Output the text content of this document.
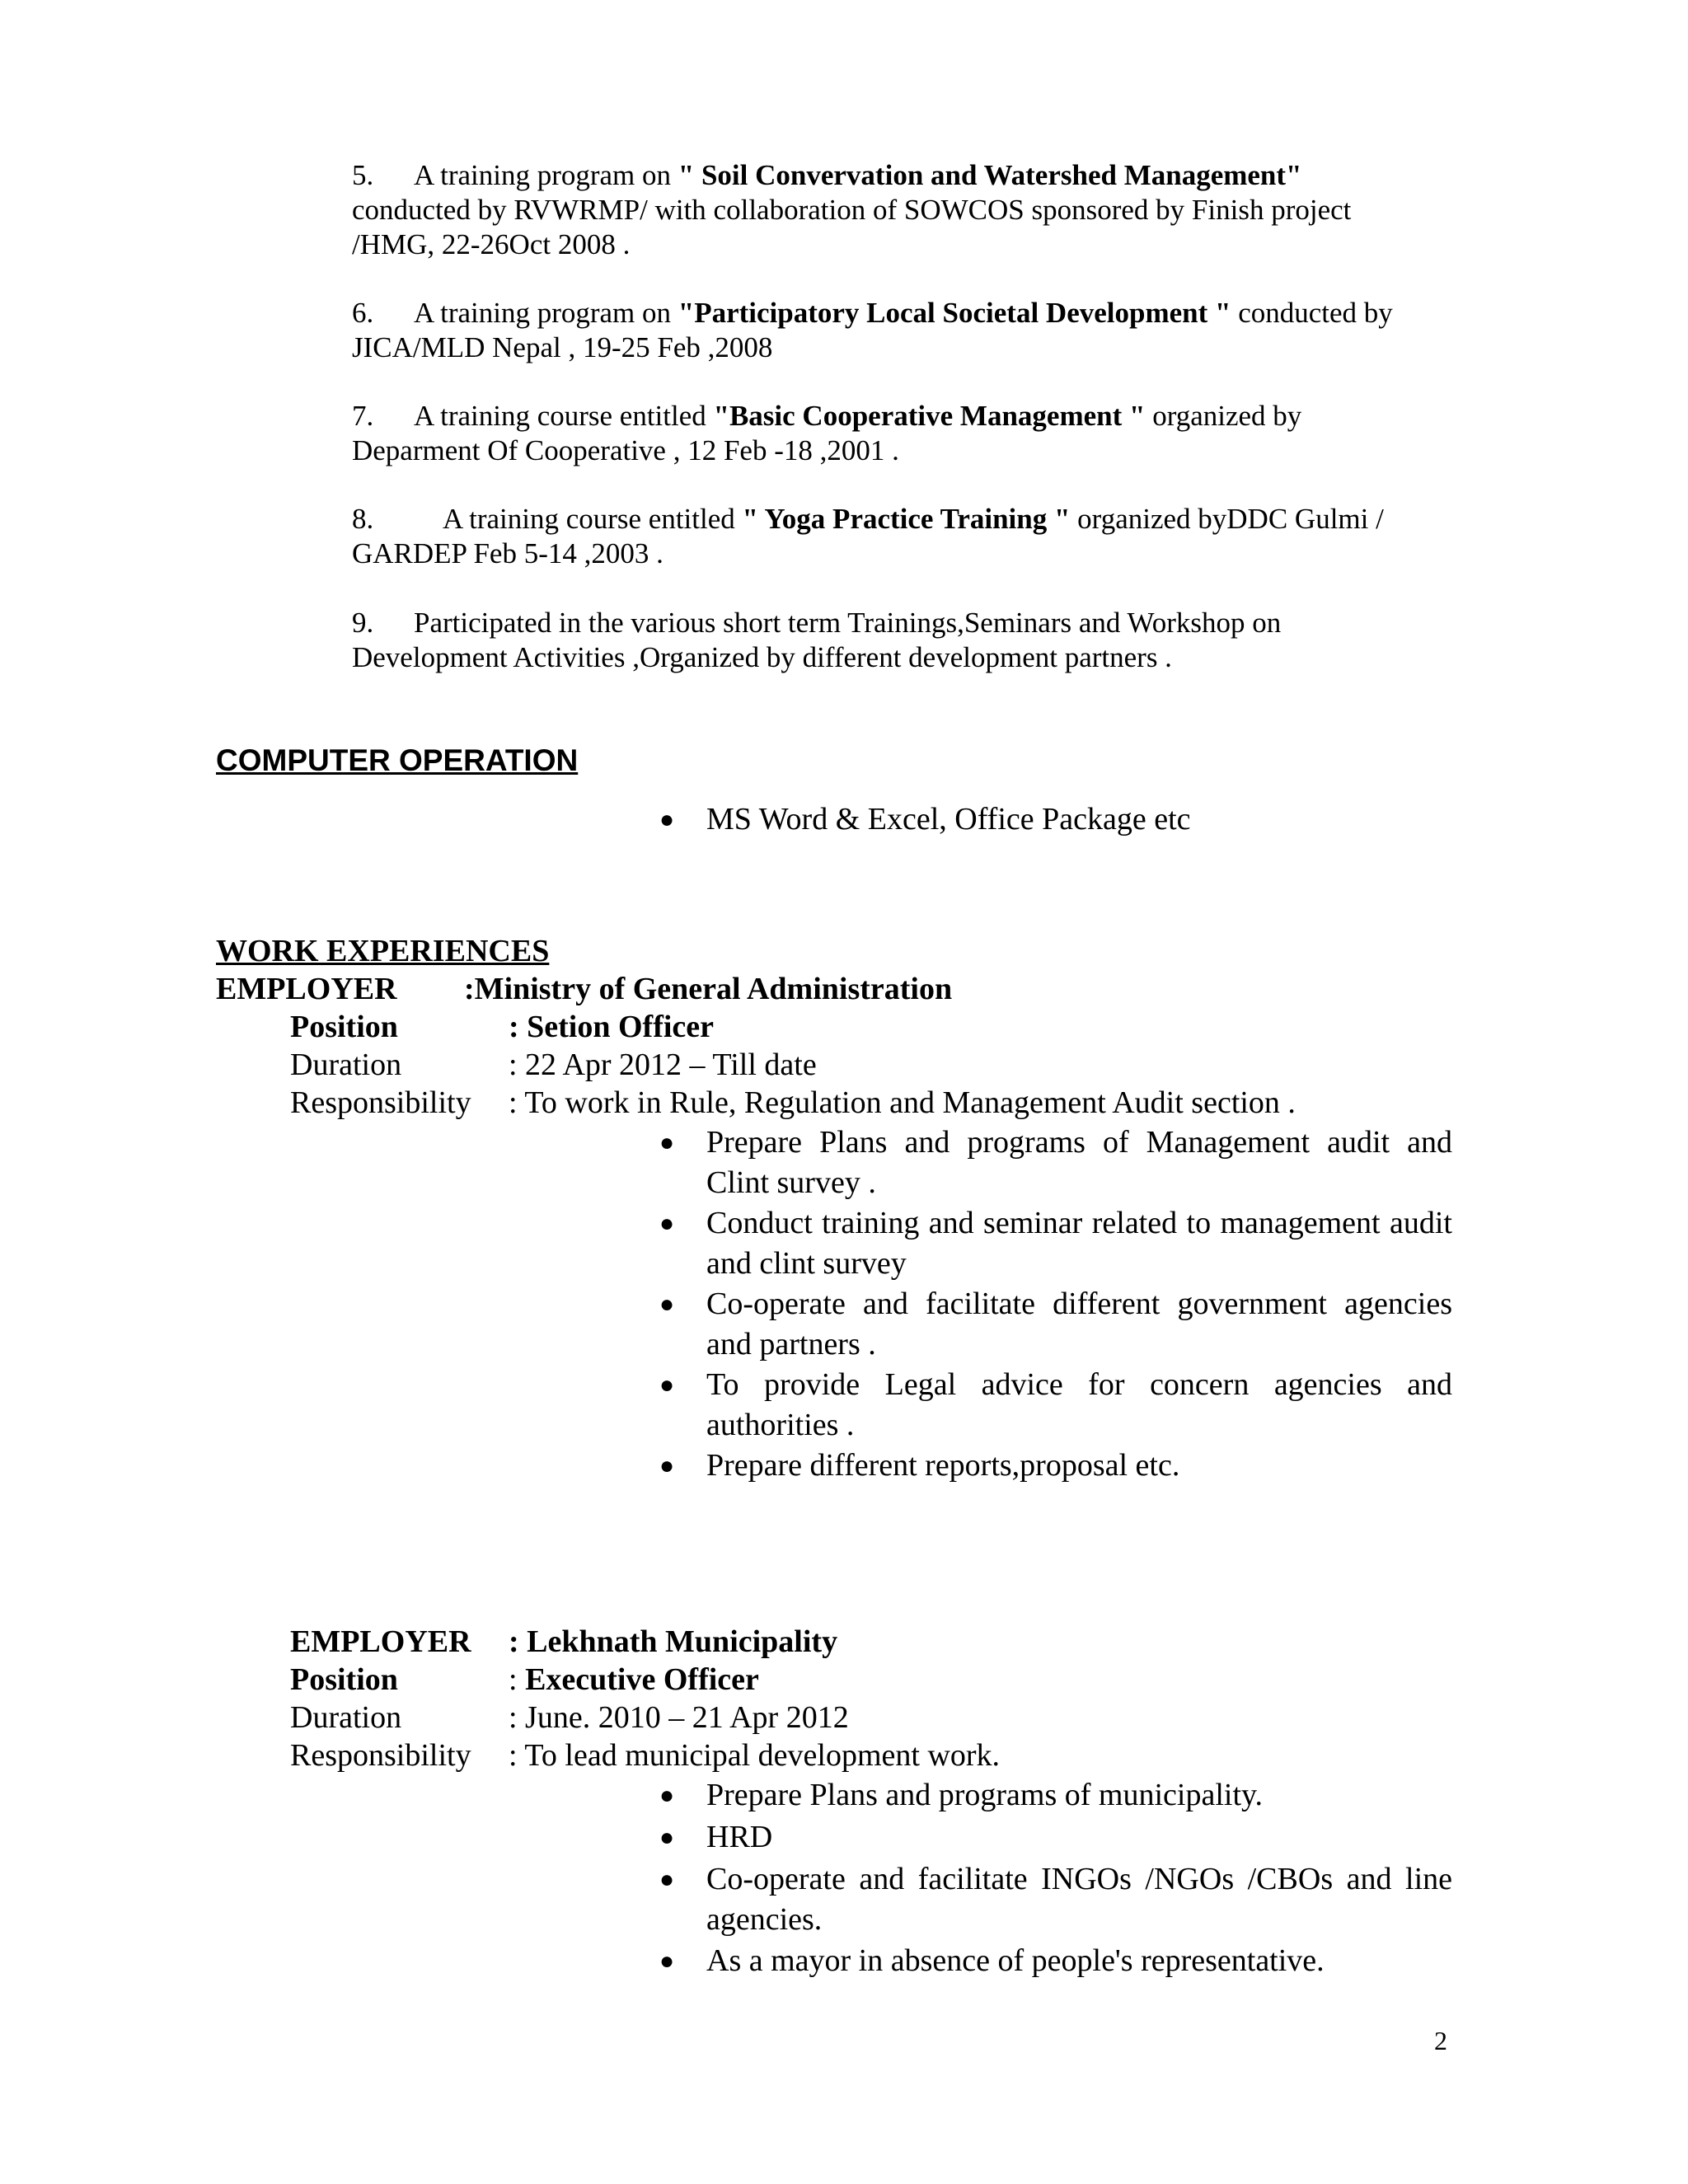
5. A training program on " Soil Convervation and Watershed Management"
conducted by RVWRMP/ with collaboration of SOWCOS sponsored by Finish project
/HMG, 22-26Oct 2008 .
6. A training program on "Participatory Local Societal Development " conducted by
JICA/MLD Nepal , 19-25 Feb ,2008
7. A training course entitled "Basic Cooperative Management " organized by
Deparment Of Cooperative , 12 Feb -18 ,2001 .
8. A training course entitled " Yoga Practice Training " organized byDDC Gulmi /
GARDEP Feb 5-14 ,2003 .
9. Participated in the various short term Trainings,Seminars and Workshop on
Development Activities ,Organized by different development partners .
COMPUTER OPERATION
● MS Word & Excel, Office Package etc
WORK EXPERIENCES
EMPLOYER :Ministry of General Administration
Position	: Setion Officer
Duration	: 22 Apr 2012 – Till date
Responsibility : To work in Rule, Regulation and Management Audit section .
● Prepare Plans and programs of Management audit and Clint survey .
● Conduct training and seminar related to management audit and clint survey
● Co-operate and facilitate different government agencies and partners .
● To provide Legal advice for concern agencies and authorities .
● Prepare different reports,proposal etc.
EMPLOYER : Lekhnath Municipality
Position	: Executive Officer
Duration	: June. 2010 – 21 Apr 2012
Responsibility : To lead municipal development work.
● Prepare Plans and programs of municipality.
● HRD
● Co-operate and facilitate INGOs /NGOs /CBOs and line agencies.
● As a mayor in absence of people's representative.
2
